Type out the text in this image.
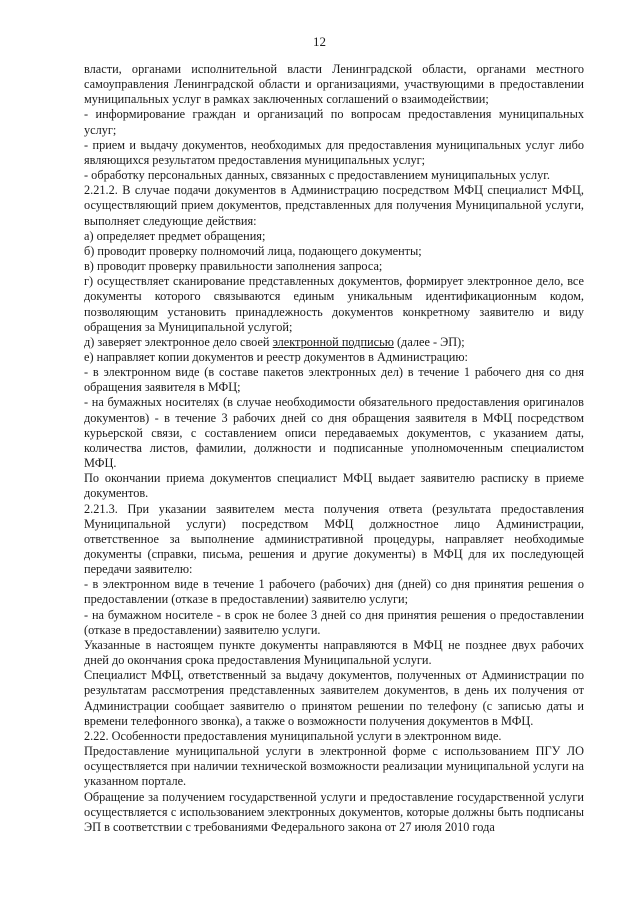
12

власти, органами исполнительной власти Ленинградской области, органами местного самоуправления Ленинградской области и организациями, участвующими в предоставлении муниципальных услуг в рамках заключенных соглашений о взаимодействии;

- информирование граждан и организаций по вопросам предоставления муниципальных услуг;

- прием и выдачу документов, необходимых для предоставления муниципальных услуг либо являющихся результатом предоставления муниципальных услуг;

- обработку персональных данных, связанных с предоставлением муниципальных услуг.

2.21.2. В случае подачи документов в Администрацию посредством МФЦ специалист МФЦ, осуществляющий прием документов, представленных для получения Муниципальной услуги, выполняет следующие действия:

а) определяет предмет обращения;

б) проводит проверку полномочий лица, подающего документы;

в) проводит проверку правильности заполнения запроса;

г) осуществляет сканирование представленных документов, формирует электронное дело, все документы которого связываются единым уникальным идентификационным кодом, позволяющим установить принадлежность документов конкретному заявителю и виду обращения за Муниципальной услугой;

д) заверяет электронное дело своей электронной подписью (далее - ЭП);

е) направляет копии документов и реестр документов в Администрацию:

- в электронном виде (в составе пакетов электронных дел) в течение 1 рабочего дня со дня обращения заявителя в МФЦ;

- на бумажных носителях (в случае необходимости обязательного предоставления оригиналов документов) - в течение 3 рабочих дней со дня обращения заявителя в МФЦ посредством курьерской связи, с составлением описи передаваемых документов, с указанием даты, количества листов, фамилии, должности и подписанные уполномоченным специалистом МФЦ.

По окончании приема документов специалист МФЦ выдает заявителю расписку в приеме документов.

2.21.3. При указании заявителем места получения ответа (результата предоставления Муниципальной услуги) посредством МФЦ должностное лицо Администрации, ответственное за выполнение административной процедуры, направляет необходимые документы (справки, письма, решения и другие документы) в МФЦ для их последующей передачи заявителю:

- в электронном виде в течение 1 рабочего (рабочих) дня (дней) со дня принятия решения о предоставлении (отказе в предоставлении) заявителю услуги;

- на бумажном носителе - в срок не более 3 дней со дня принятия решения о предоставлении (отказе в предоставлении) заявителю услуги.

Указанные в настоящем пункте документы направляются в МФЦ не позднее двух рабочих дней до окончания срока предоставления Муниципальной услуги.

Специалист МФЦ, ответственный за выдачу документов, полученных от Администрации по результатам рассмотрения представленных заявителем документов, в день их получения от Администрации сообщает заявителю о принятом решении по телефону (с записью даты и времени телефонного звонка), а также о возможности получения документов в МФЦ.

2.22. Особенности предоставления муниципальной услуги в электронном виде.

Предоставление муниципальной услуги в электронной форме с использованием ПГУ ЛО осуществляется при наличии технической возможности реализации муниципальной услуги на указанном портале.

Обращение за получением государственной услуги и предоставление государственной услуги осуществляется с использованием электронных документов, которые должны быть подписаны ЭП в соответствии с требованиями Федерального закона от 27 июля 2010 года
